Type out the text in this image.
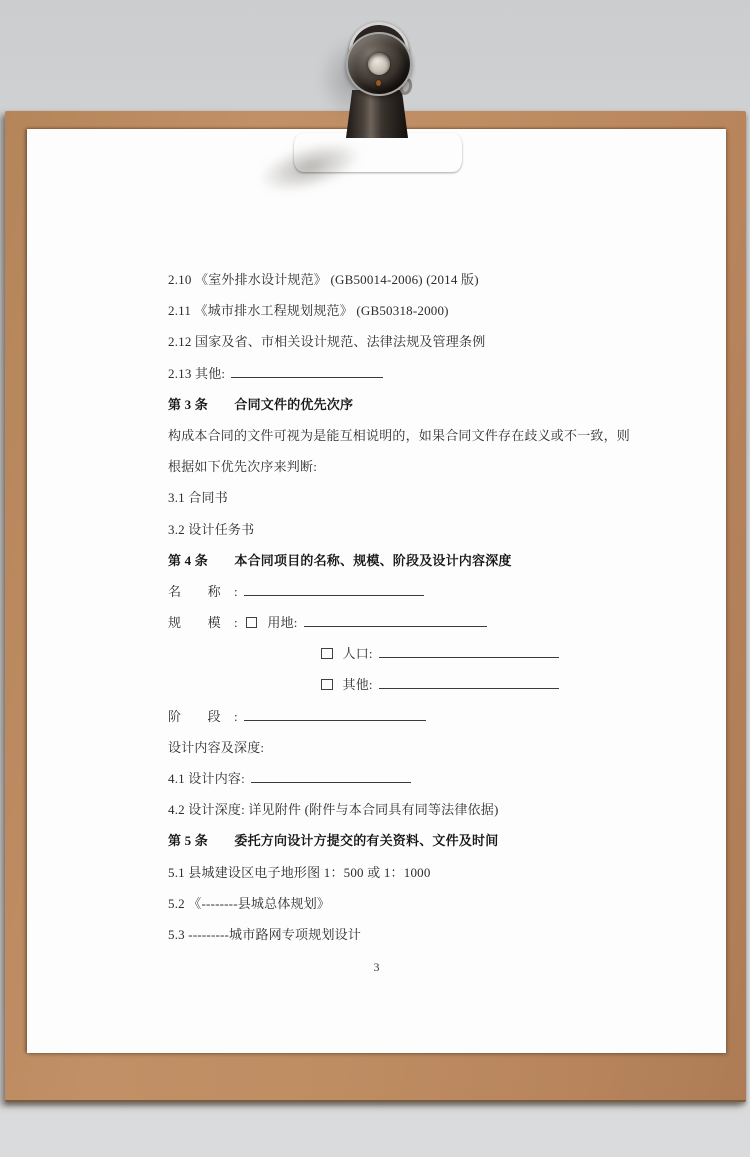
2.10 《室外排水设计规范》 (GB50014-2006) (2014 版)
2.11 《城市排水工程规划规范》 (GB50318-2000)
2.12 国家及省、市相关设计规范、法律法规及管理条例
2.13 其他:
第 3 条　　合同文件的优先次序
构成本合同的文件可视为是能互相说明的，如果合同文件存在歧义或不一致，则
根据如下优先次序来判断:
3.1 合同书
3.2 设计任务书
第 4 条　　本合同项目的名称、规模、阶段及设计内容深度
名　　称　:
规　　模　: 用地:
人口:
其他:
阶　　段　:
设计内容及深度:
4.1 设计内容:
4.2 设计深度: 详见附件 (附件与本合同具有同等法律依据)
第 5 条　　委托方向设计方提交的有关资料、文件及时间
5.1 县城建设区电子地形图 1：500 或 1：1000
5.2 《--------县城总体规划》
5.3 ---------城市路网专项规划设计
3
